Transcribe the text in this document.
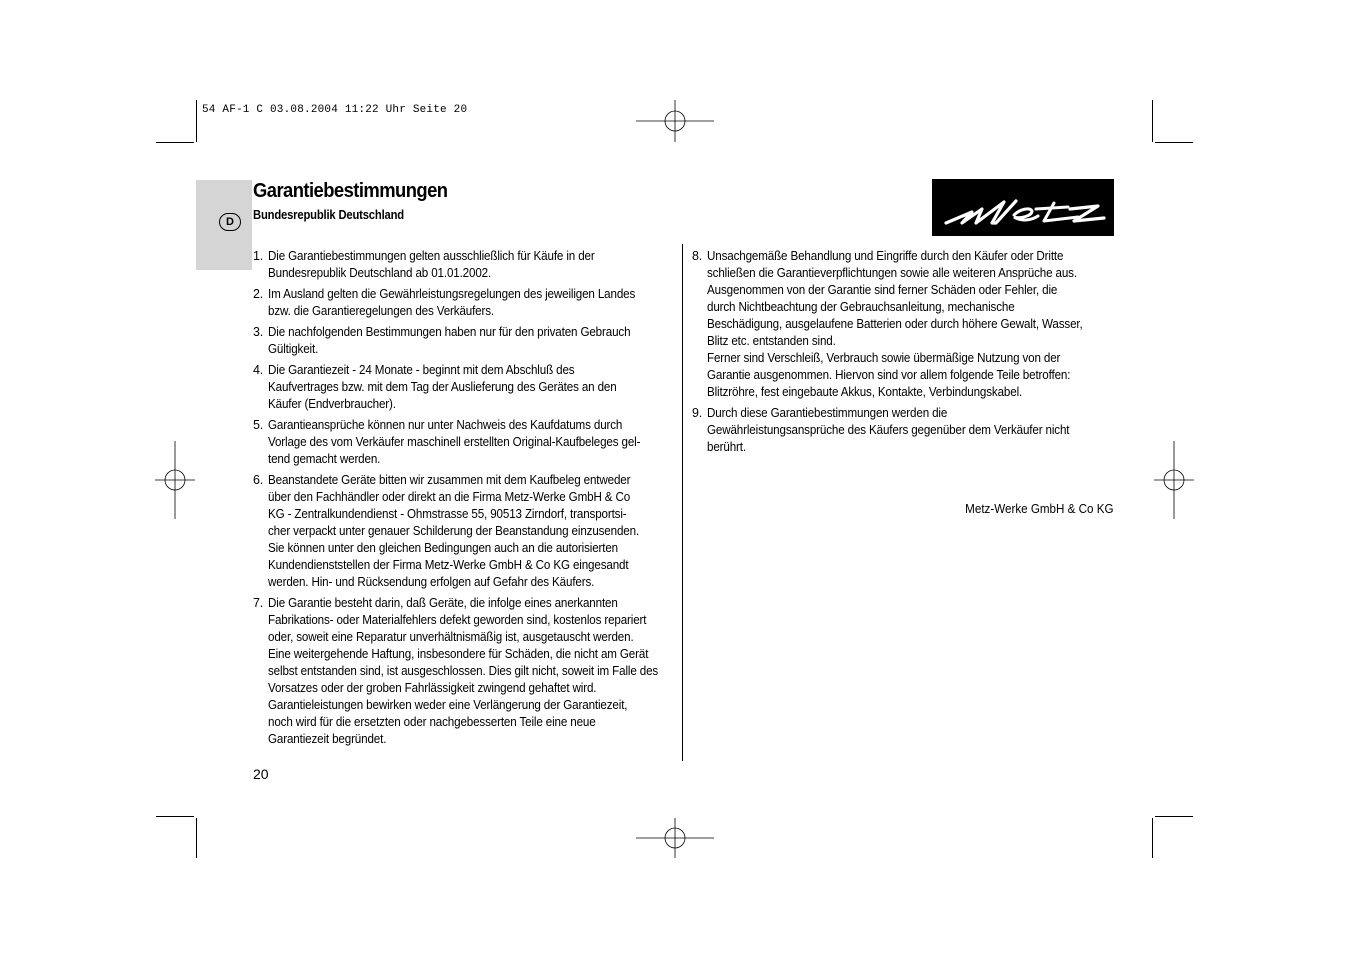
54 AF-1 C 03.08.2004 11:22 Uhr Seite 20
D
Garantiebestimmungen
Bundesrepublik Deutschland
1. Die Garantiebestimmungen gelten ausschließlich für Käufe in der
Bundesrepublik Deutschland ab 01.01.2002.
2. Im Ausland gelten die Gewährleistungsregelungen des jeweiligen Landes
bzw. die Garantieregelungen des Verkäufers.
3. Die nachfolgenden Bestimmungen haben nur für den privaten Gebrauch
Gültigkeit.
4. Die Garantiezeit - 24 Monate - beginnt mit dem Abschluß des
Kaufvertrages bzw. mit dem Tag der Auslieferung des Gerätes an den
Käufer (Endverbraucher).
5. Garantieansprüche können nur unter Nachweis des Kaufdatums durch
Vorlage des vom Verkäufer maschinell erstellten Original-Kaufbeleges gel-
tend gemacht werden.
6. Beanstandete Geräte bitten wir zusammen mit dem Kaufbeleg entweder
über den Fachhändler oder direkt an die Firma Metz-Werke GmbH & Co
KG - Zentralkundendienst - Ohmstrasse 55, 90513 Zirndorf, transportsi-
cher verpackt unter genauer Schilderung der Beanstandung einzusenden.
Sie können unter den gleichen Bedingungen auch an die autorisierten
Kundendienststellen der Firma Metz-Werke GmbH & Co KG eingesandt
werden. Hin- und Rücksendung erfolgen auf Gefahr des Käufers.
7. Die Garantie besteht darin, daß Geräte, die infolge eines anerkannten
Fabrikations- oder Materialfehlers defekt geworden sind, kostenlos repariert
oder, soweit eine Reparatur unverhältnismäßig ist, ausgetauscht werden.
Eine weitergehende Haftung, insbesondere für Schäden, die nicht am Gerät
selbst entstanden sind, ist ausgeschlossen. Dies gilt nicht, soweit im Falle des
Vorsatzes oder der groben Fahrlässigkeit zwingend gehaftet wird.
Garantieleistungen bewirken weder eine Verlängerung der Garantiezeit,
noch wird für die ersetzten oder nachgebesserten Teile eine neue
Garantiezeit begründet.
8. Unsachgemäße Behandlung und Eingriffe durch den Käufer oder Dritte
schließen die Garantieverpflichtungen sowie alle weiteren Ansprüche aus.
Ausgenommen von der Garantie sind ferner Schäden oder Fehler, die
durch Nichtbeachtung der Gebrauchsanleitung, mechanische
Beschädigung, ausgelaufene Batterien oder durch höhere Gewalt, Wasser,
Blitz etc. entstanden sind.
Ferner sind Verschleiß, Verbrauch sowie übermäßige Nutzung von der
Garantie ausgenommen. Hiervon sind vor allem folgende Teile betroffen:
Blitzröhre, fest eingebaute Akkus, Kontakte, Verbindungskabel.
9. Durch diese Garantiebestimmungen werden die
Gewährleistungsansprüche des Käufers gegenüber dem Verkäufer nicht
berührt.
Metz-Werke GmbH & Co KG
20
